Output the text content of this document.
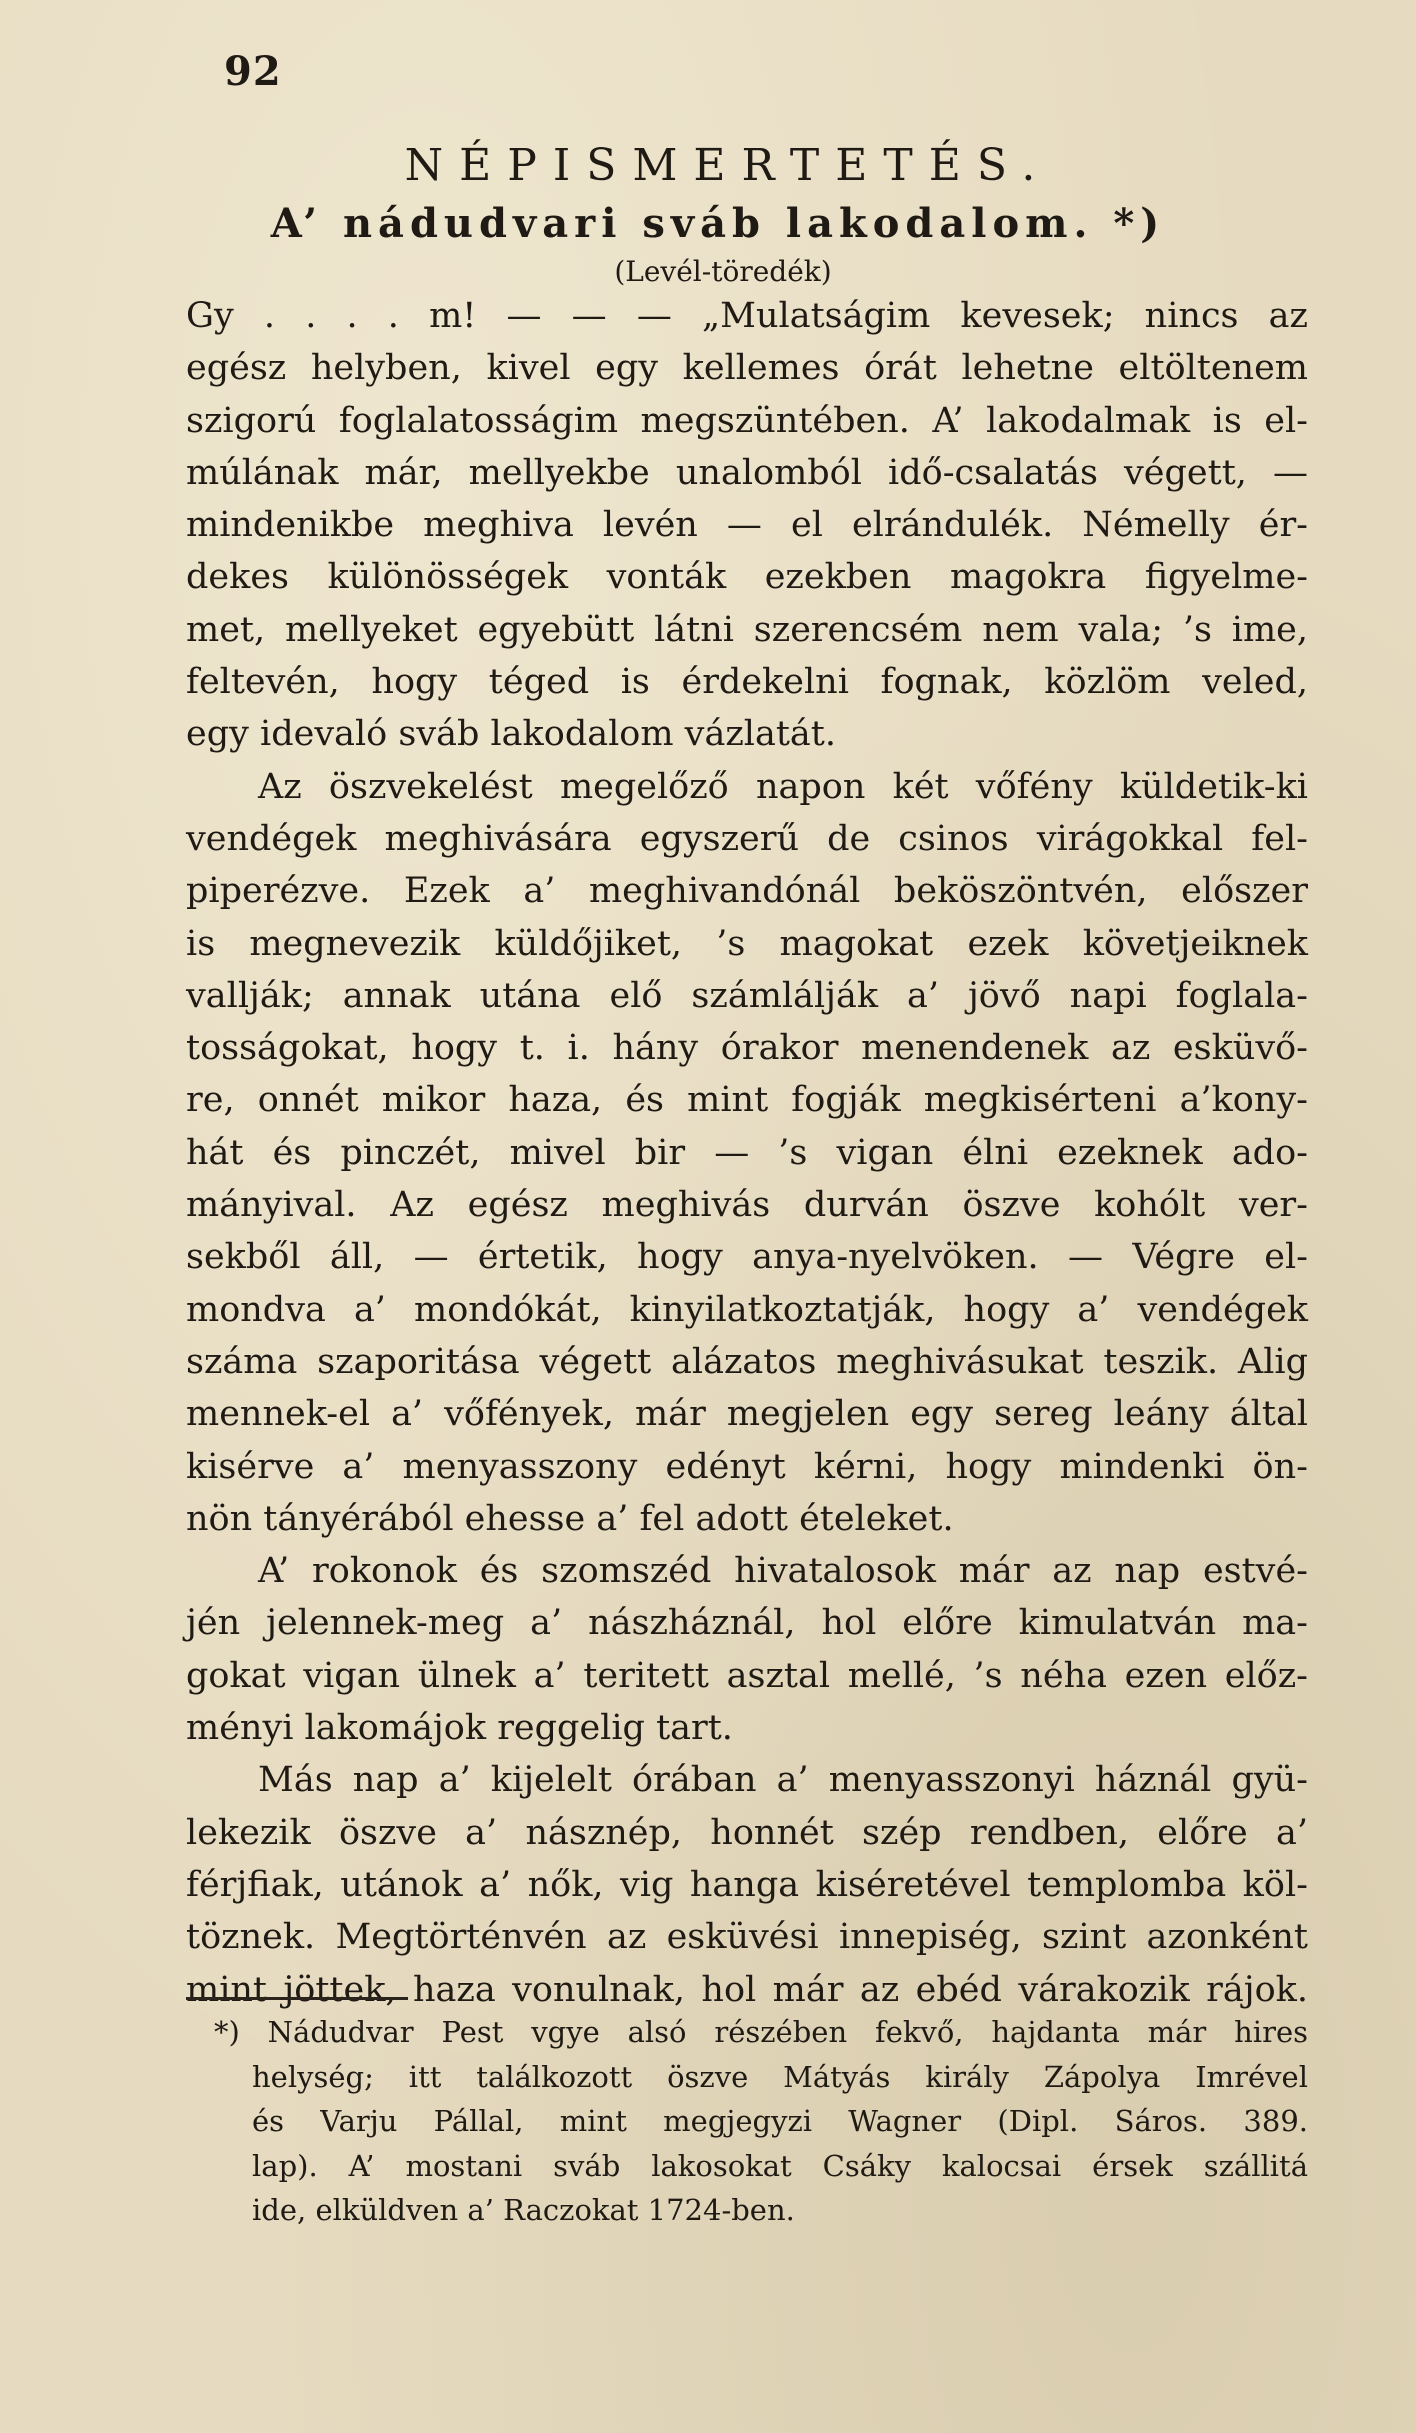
92
NÉPISMERTETÉS.
A’ nádudvari sváb lakodalom. *)
(Levél-töredék)
Gy . . . . m! — — — „Mulatságim kevesek; nincs az
egész helyben, kivel egy kellemes órát lehetne eltöltenem
szigorú foglalatosságim megszüntében. A’ lakodalmak is el-
múlának már, mellyekbe unalomból idő-csalatás végett, —
mindenikbe meghiva levén — el elrándulék. Némelly ér-
dekes különösségek vonták ezekben magokra figyelme-
met, mellyeket egyebütt látni szerencsém nem vala; ’s ime,
feltevén, hogy téged is érdekelni fognak, közlöm veled,
egy idevaló sváb lakodalom vázlatát.
Az öszvekelést megelőző napon két vőfény küldetik-ki
vendégek meghivására egyszerű de csinos virágokkal fel-
piperézve. Ezek a’ meghivandónál beköszöntvén, előszer
is megnevezik küldőjiket, ’s magokat ezek követjeiknek
vallják; annak utána elő számlálják a’ jövő napi foglala-
tosságokat, hogy t. i. hány órakor menendenek az esküvő-
re, onnét mikor haza, és mint fogják megkisérteni a’kony-
hát és pinczét, mivel bir — ’s vigan élni ezeknek ado-
mányival. Az egész meghivás durván öszve kohólt ver-
sekből áll, — értetik, hogy anya-nyelvöken. — Végre el-
mondva a’ mondókát, kinyilatkoztatják, hogy a’ vendégek
száma szaporitása végett alázatos meghivásukat teszik. Alig
mennek-el a’ vőfények, már megjelen egy sereg leány által
kisérve a’ menyasszony edényt kérni, hogy mindenki ön-
nön tányérából ehesse a’ fel adott ételeket.
A’ rokonok és szomszéd hivatalosok már az nap estvé-
jén jelennek-meg a’ nászháznál, hol előre kimulatván ma-
gokat vigan ülnek a’ teritett asztal mellé, ’s néha ezen előz-
ményi lakomájok reggelig tart.
Más nap a’ kijelelt órában a’ menyasszonyi háznál gyü-
lekezik öszve a’ násznép, honnét szép rendben, előre a’
férjfiak, utánok a’ nők, vig hanga kiséretével templomba köl-
töznek. Megtörténvén az esküvési innepiség, szint azonként
mint jöttek, haza vonulnak, hol már az ebéd várakozik rájok.
*) Nádudvar Pest vgye alsó részében fekvő, hajdanta már hires
helység; itt találkozott öszve Mátyás király Zápolya Imrével
és Varju Pállal, mint megjegyzi Wagner (Dipl. Sáros. 389.
lap). A’ mostani sváb lakosokat Csáky kalocsai érsek szállitá
ide, elküldven a’ Raczokat 1724-ben.
